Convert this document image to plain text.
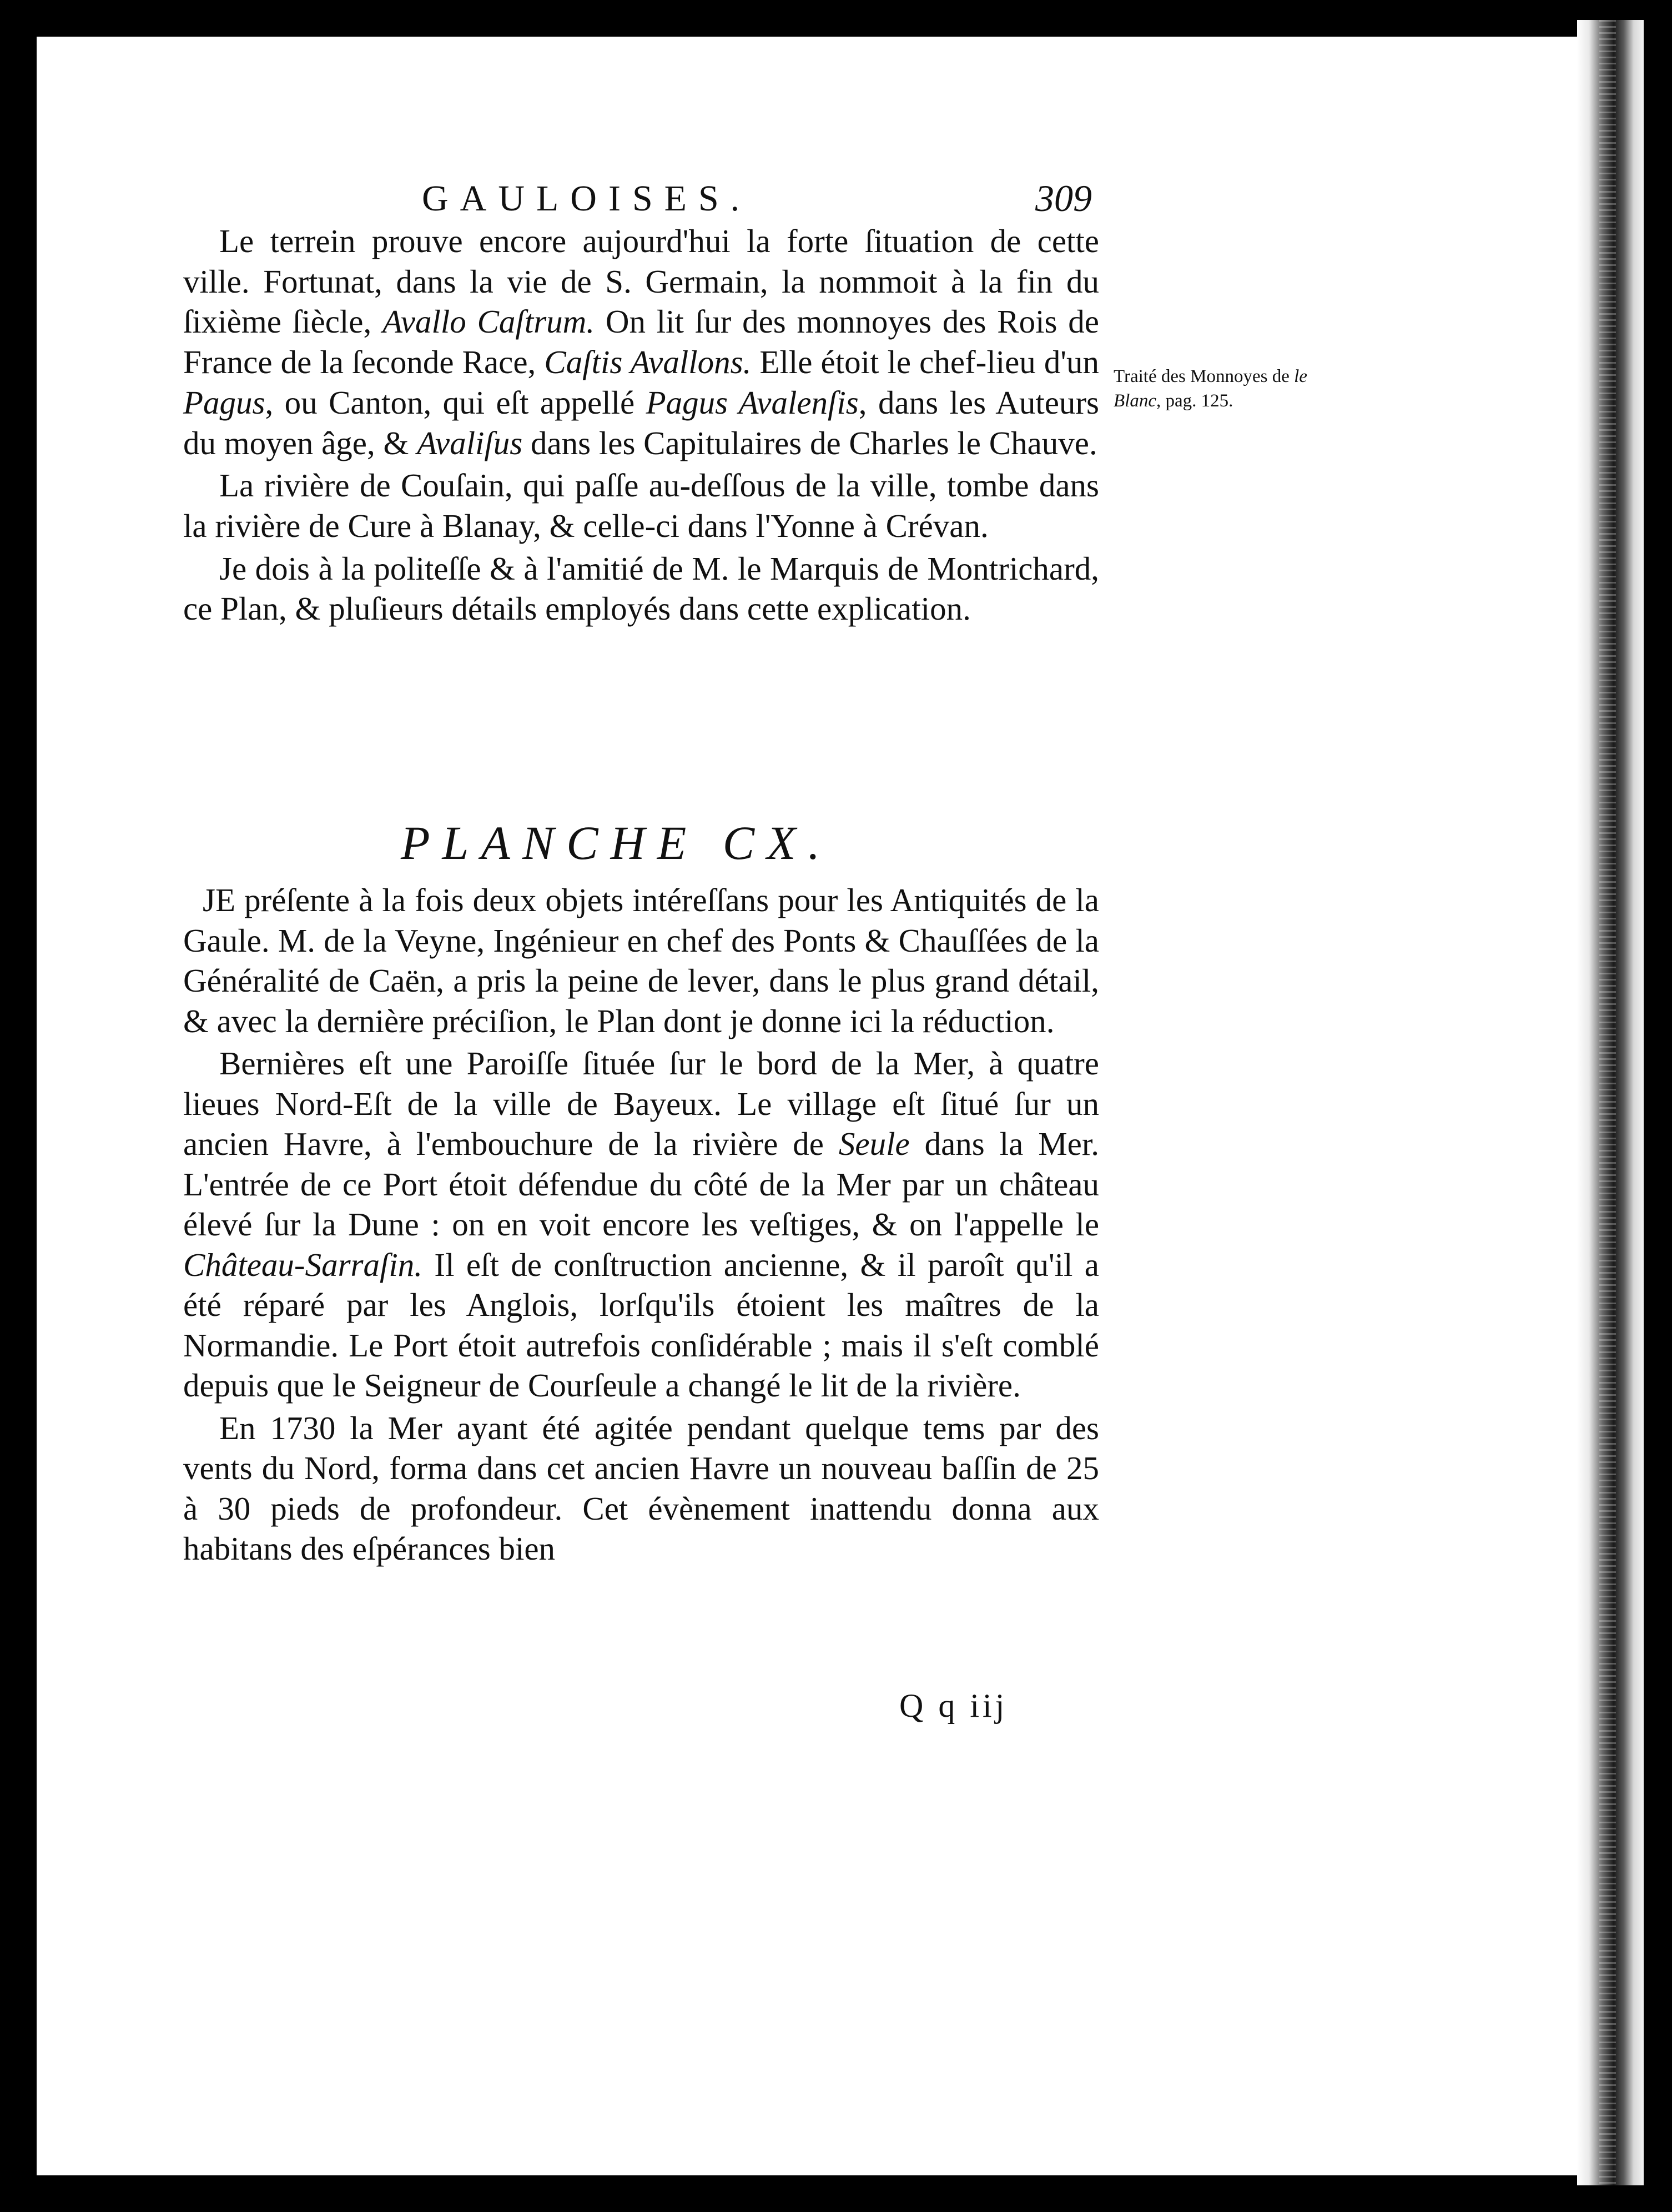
GAULOISES.	309

Le terrein prouve encore aujourd'hui la forte ſituation de cette ville. Fortunat, dans la vie de S. Germain, la nommoit à la fin du ſixième ſiècle, Avallo Caſtrum. On lit ſur des monnoyes des Rois de France de la ſeconde Race, Caſtis Avallons. Elle étoit le chef-lieu d'un Pagus, ou Canton, qui eſt appellé Pagus Avalenſis, dans les Auteurs du moyen âge, & Avaliſus dans les Capitulaires de Charles le Chauve.

La rivière de Couſain, qui paſſe au-deſſous de la ville, tombe dans la rivière de Cure à Blanay, & celle-ci dans l'Yonne à Crévan.

Je dois à la politeſſe & à l'amitié de M. le Marquis de Montrichard, ce Plan, & pluſieurs détails employés dans cette explication.

Traité des Monnoyes de le Blanc, pag. 125.
PLANCHE CX.

JE préſente à la fois deux objets intéreſſans pour les Antiquités de la Gaule. M. de la Veyne, Ingénieur en chef des Ponts & Chauſſées de la Généralité de Caën, a pris la peine de lever, dans le plus grand détail, & avec la dernière préciſion, le Plan dont je donne ici la réduction.

Bernières eſt une Paroiſſe ſituée ſur le bord de la Mer, à quatre lieues Nord-Eſt de la ville de Bayeux. Le village eſt ſitué ſur un ancien Havre, à l'embouchure de la rivière de Seule dans la Mer. L'entrée de ce Port étoit défendue du côté de la Mer par un château élevé ſur la Dune : on en voit encore les veſtiges, & on l'appelle le Château-Sarraſin. Il eſt de conſtruction ancienne, & il paroît qu'il a été réparé par les Anglois, lorſqu'ils étoient les maîtres de la Normandie. Le Port étoit autrefois conſidérable ; mais il s'eſt comblé depuis que le Seigneur de Courſeule a changé le lit de la rivière.

En 1730 la Mer ayant été agitée pendant quelque tems par des vents du Nord, forma dans cet ancien Havre un nouveau baſſin de 25 à 30 pieds de profondeur. Cet évènement inattendu donna aux habitans des eſpérances bien

Q q iij
